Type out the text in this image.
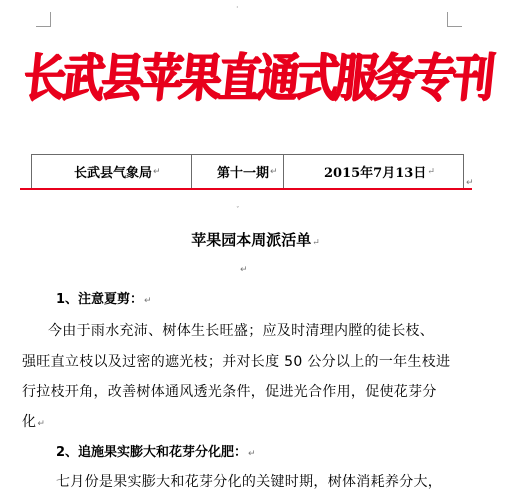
·
长武县苹果直通式服务专刊
长武县气象局 ↵	第十一期 ↵	2015年7月13日 ↵
↵
ˇ
苹果园本周派活单↵
↵
1、注意夏剪：↵
今由于雨水充沛、树体生长旺盛；应及时清理内膛的徒长枝、
强旺直立枝以及过密的遮光枝；并对长度 50 公分以上的一年生枝进
行拉枝开角，改善树体通风透光条件，促进光合作用，促使花芽分
化↵
2、追施果实膨大和花芽分化肥：↵
七月份是果实膨大和花芽分化的关键时期，树体消耗养分大，
